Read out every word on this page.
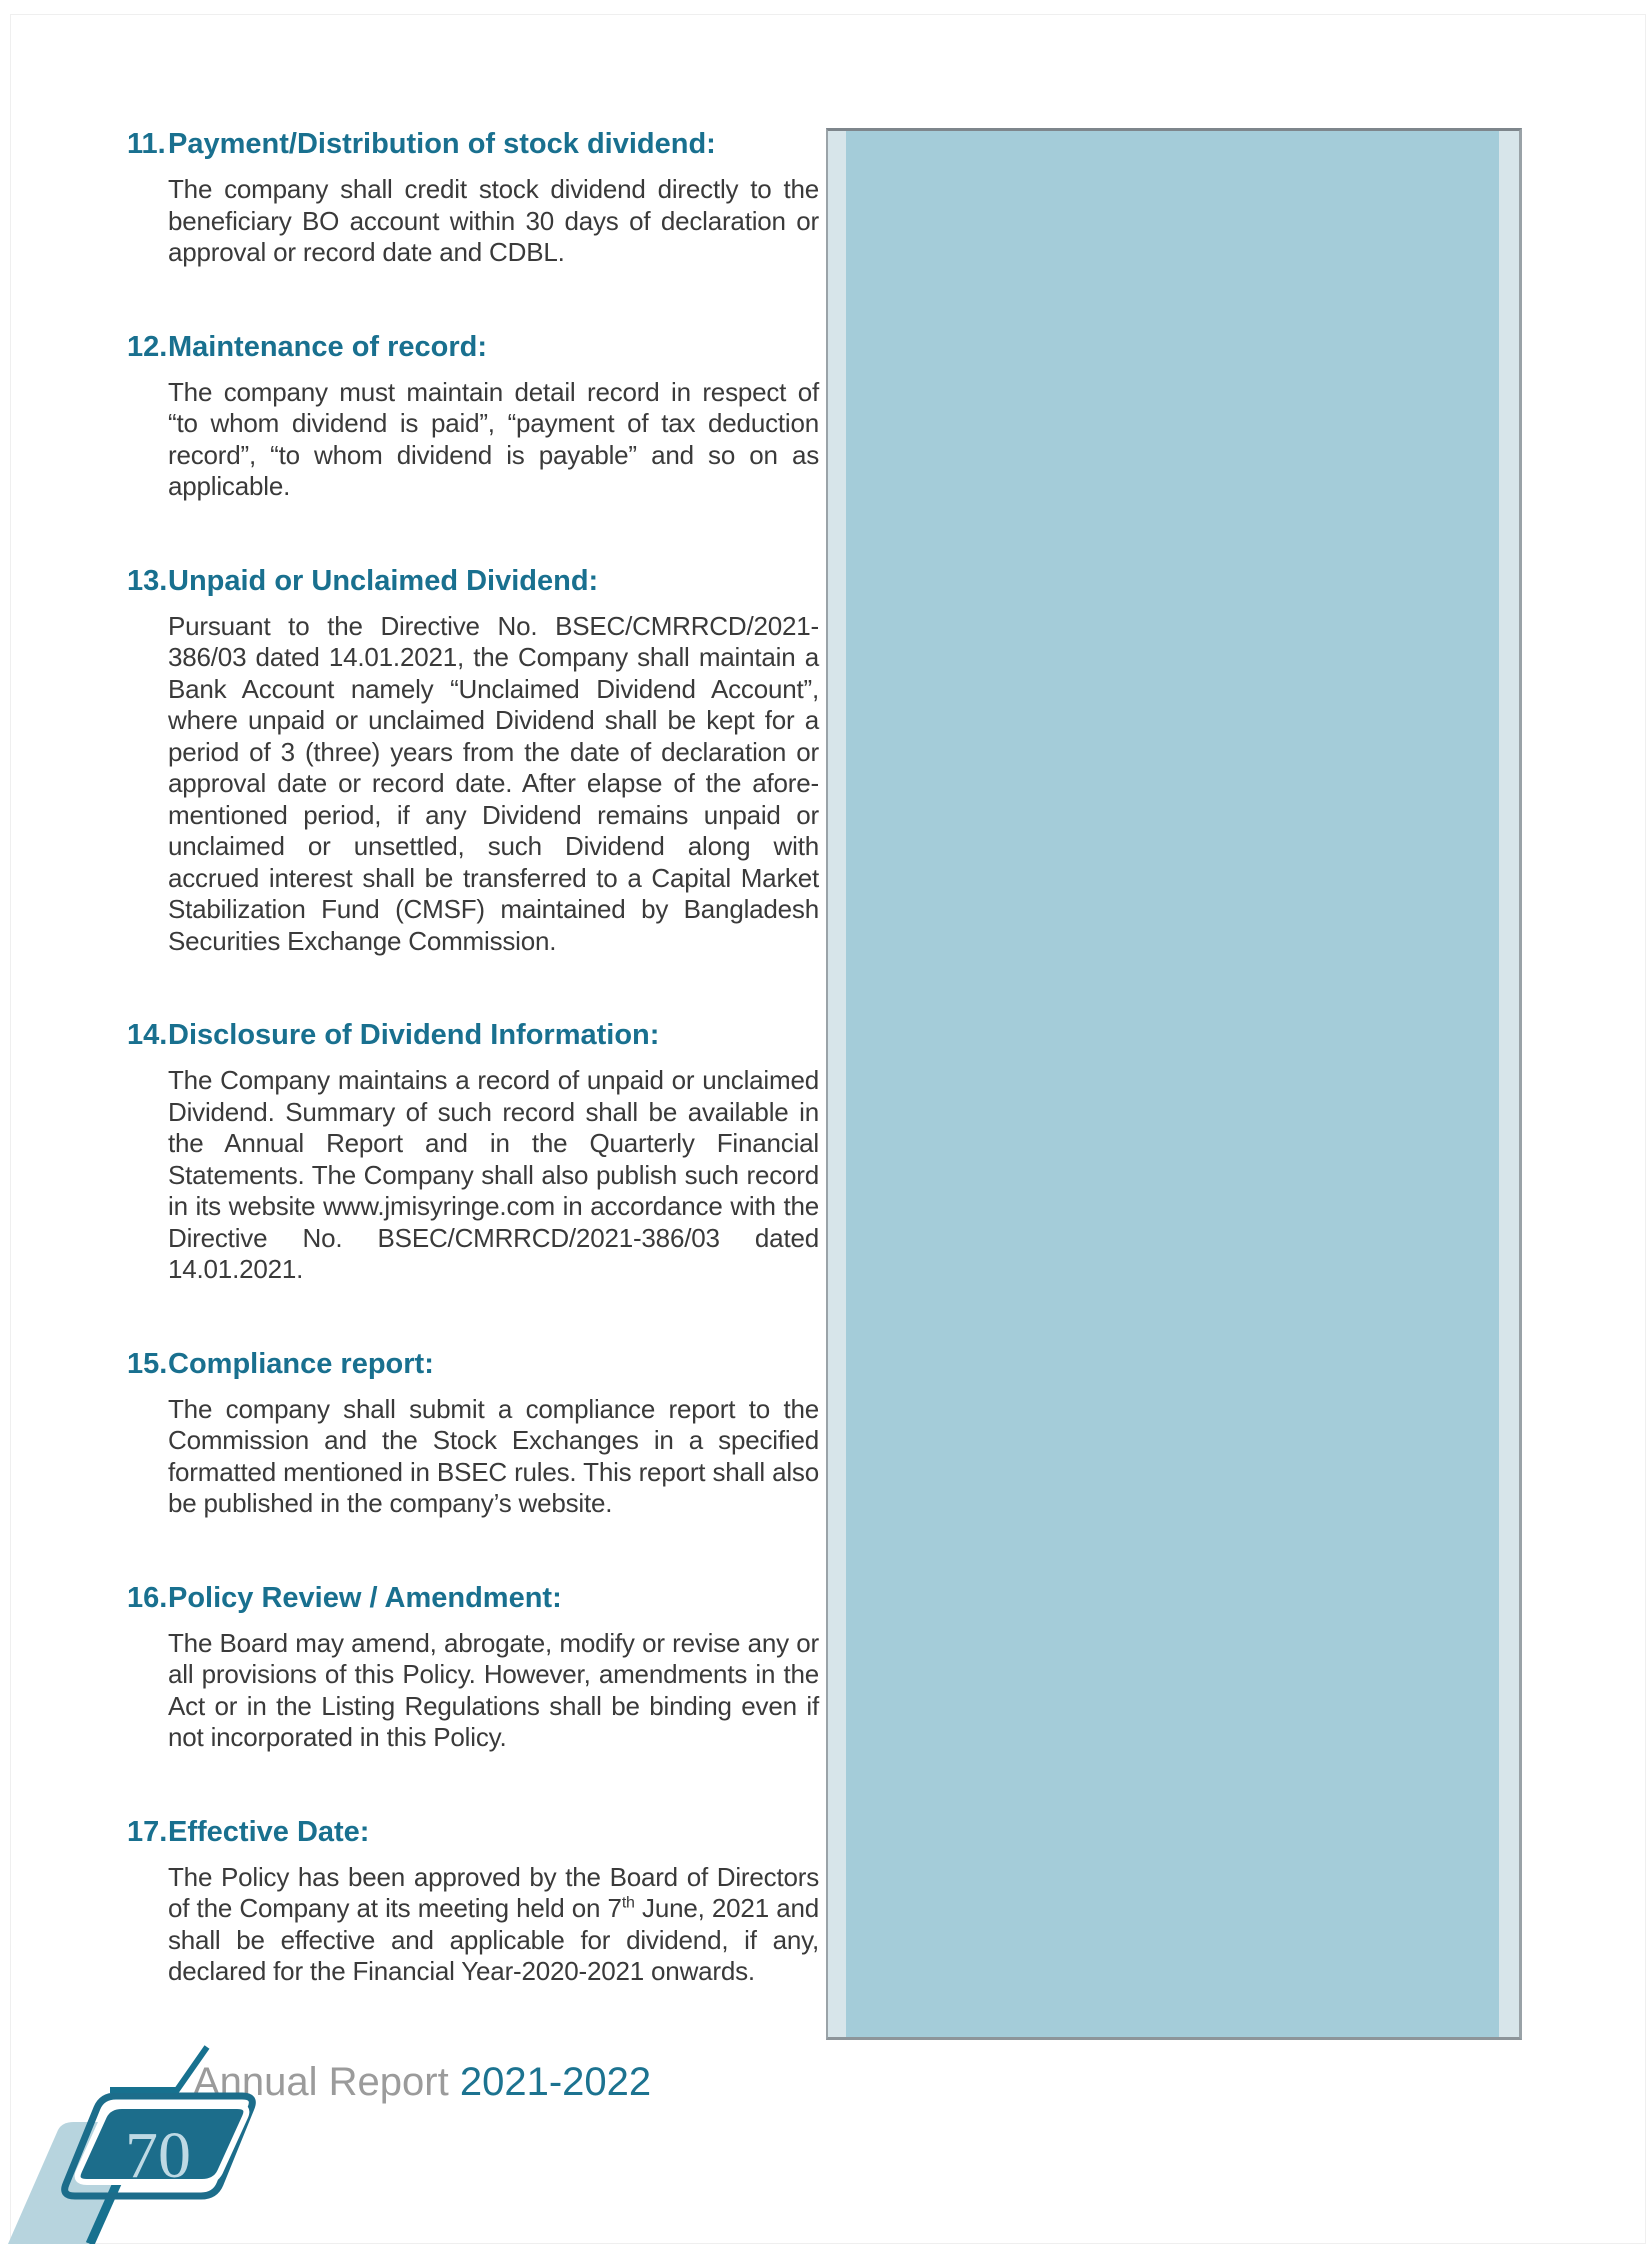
11. Payment/Distribution of stock dividend:

The company shall credit stock dividend directly to the beneficiary BO account within 30 days of declaration or approval or record date and CDBL.

12. Maintenance of record:

The company must maintain detail record in respect of “to whom dividend is paid”, “payment of tax deduction record”, “to whom dividend is payable” and so on as applicable.

13. Unpaid or Unclaimed Dividend:

Pursuant to the Directive No. BSEC/CMRRCD/2021-386/03 dated 14.01.2021, the Company shall maintain a Bank Account namely “Unclaimed Dividend Account”, where unpaid or unclaimed Dividend shall be kept for a period of 3 (three) years from the date of declaration or approval date or record date. After elapse of the afore-mentioned period, if any Dividend remains unpaid or unclaimed or unsettled, such Dividend along with accrued interest shall be transferred to a Capital Market Stabilization Fund (CMSF) maintained by Bangladesh Securities Exchange Commission.

14. Disclosure of Dividend Information:

The Company maintains a record of unpaid or unclaimed Dividend. Summary of such record shall be available in the Annual Report and in the Quarterly Financial Statements. The Company shall also publish such record in its website www.jmisyringe.com in accordance with the Directive No. BSEC/CMRRCD/2021-386/03 dated 14.01.2021.

15. Compliance report:

The company shall submit a compliance report to the Commission and the Stock Exchanges in a specified formatted mentioned in BSEC rules. This report shall also be published in the company’s website.

16. Policy Review / Amendment:

The Board may amend, abrogate, modify or revise any or all provisions of this Policy. However, amendments in the Act or in the Listing Regulations shall be binding even if not incorporated in this Policy.

17. Effective Date:

The Policy has been approved by the Board of Directors of the Company at its meeting held on 7th June, 2021 and shall be effective and applicable for dividend, if any, declared for the Financial Year-2020-2021 onwards.

Annual Report 2021-2022
70
